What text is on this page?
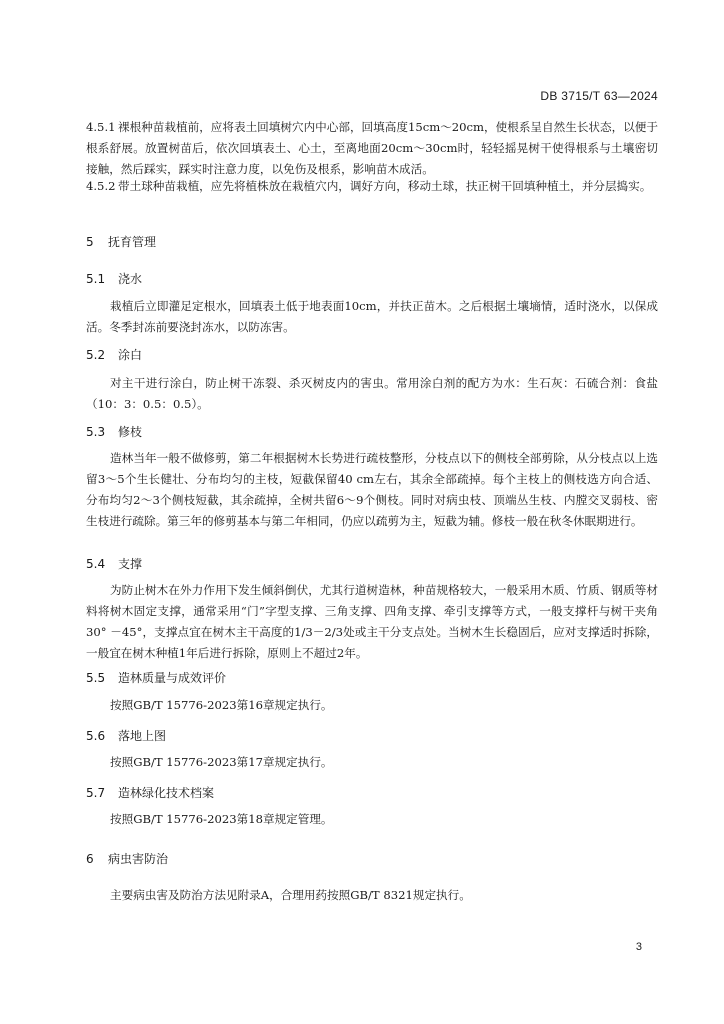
DB 3715/T 63—2024

4.5.1 裸根种苗栽植前，应将表土回填树穴内中心部，回填高度15cm～20cm，使根系呈自然生长状态，以便于根系舒展。放置树苗后，依次回填表土、心土，至离地面20cm～30cm时，轻轻摇晃树干使得根系与土壤密切接触，然后踩实，踩实时注意力度，以免伤及根系，影响苗木成活。

4.5.2 带土球种苗栽植，应先将植株放在栽植穴内，调好方向，移动土球，扶正树干回填种植土，并分层捣实。

5 抚育管理
5.1 浇水

栽植后立即灌足定根水，回填表土低于地表面10cm，并扶正苗木。之后根据土壤墒情，适时浇水，以保成活。冬季封冻前要浇封冻水，以防冻害。

5.2 涂白

对主干进行涂白，防止树干冻裂、杀灭树皮内的害虫。常用涂白剂的配方为水：生石灰：石硫合剂：食盐（10：3：0.5：0.5）。

5.3 修枝

造林当年一般不做修剪，第二年根据树木长势进行疏枝整形，分枝点以下的侧枝全部剪除，从分枝点以上选留3～5个生长健壮、分布均匀的主枝，短截保留40 cm左右，其余全部疏掉。每个主枝上的侧枝选方向合适、分布均匀2～3个侧枝短截，其余疏掉，全树共留6～9个侧枝。同时对病虫枝、顶端丛生枝、内膛交叉弱枝、密生枝进行疏除。第三年的修剪基本与第二年相同，仍应以疏剪为主，短截为辅。修枝一般在秋冬休眠期进行。

5.4 支撑

为防止树木在外力作用下发生倾斜倒伏，尤其行道树造林，种苗规格较大，一般采用木质、竹质、钢质等材料将树木固定支撑，通常采用“门”字型支撑、三角支撑、四角支撑、牵引支撑等方式，一般支撑杆与树干夹角30° －45°，支撑点宜在树木主干高度的1/3－2/3处或主干分支点处。当树木生长稳固后，应对支撑适时拆除，一般宜在树木种植1年后进行拆除，原则上不超过2年。

5.5 造林质量与成效评价

按照GB/T 15776-2023第16章规定执行。

5.6 落地上图

按照GB/T 15776-2023第17章规定执行。

5.7 造林绿化技术档案

按照GB/T 15776-2023第18章规定管理。

6 病虫害防治

主要病虫害及防治方法见附录A，合理用药按照GB/T 8321规定执行。

3
